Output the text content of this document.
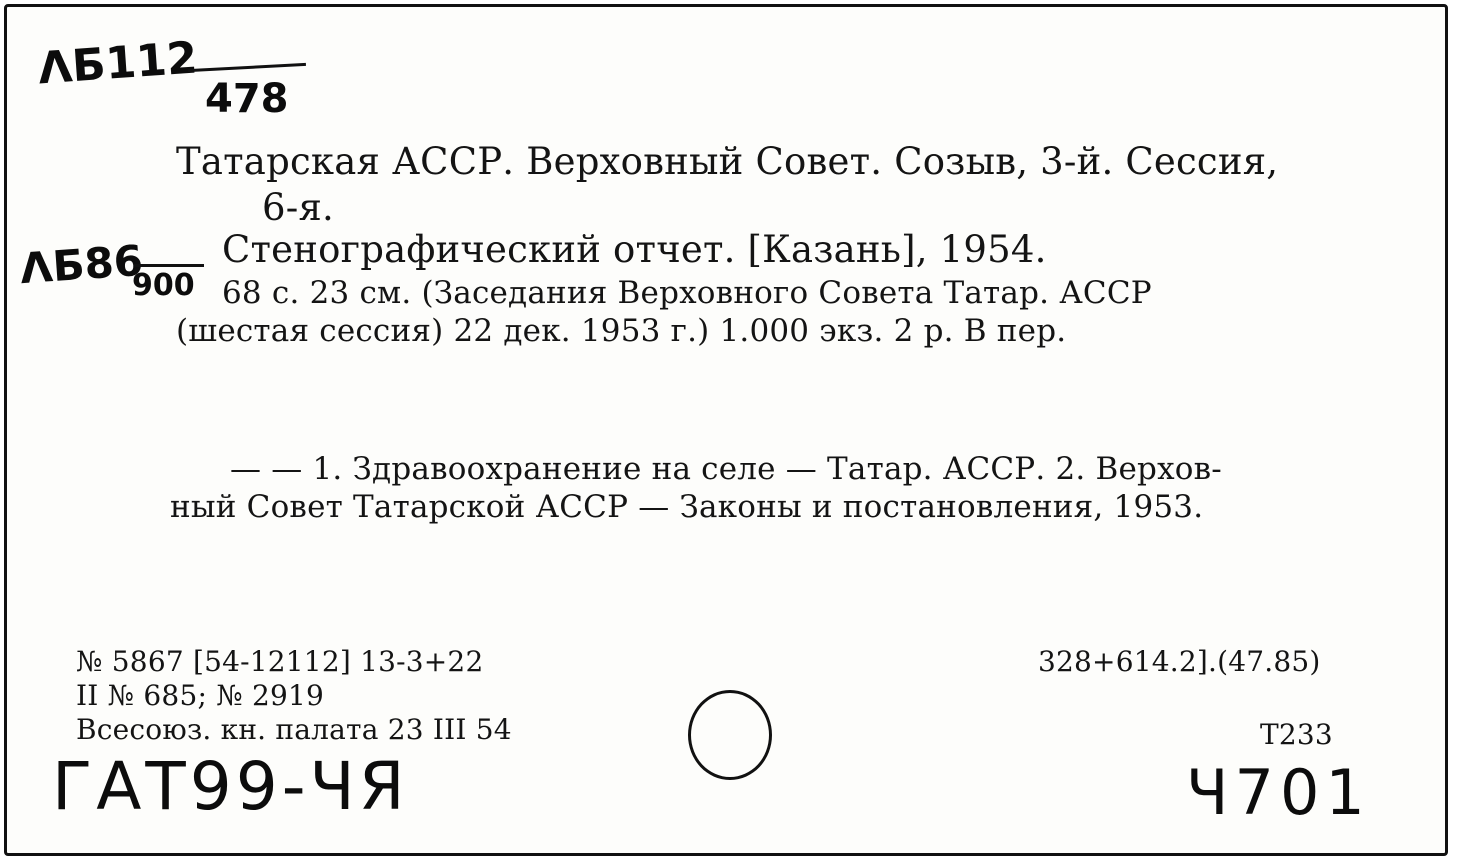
ΛБ112
478
Татарская АССР. Верховный Совет. Созыв, 3-й. Сессия,
6-я.
ΛБ86
900
Стенографический отчет. [Казань], 1954.
68 с. 23 см. (Заседания Верховного Совета Татар. АССР
(шестая сессия) 22 дек. 1953 г.) 1.000 экз. 2 р. В пер.
— — 1. Здравоохранение на селе — Татар. АССР. 2. Верхов-
ный Совет Татарской АССР — Законы и постановления, 1953.
№ 5867 [54-12112] 13-3+22
II № 685; № 2919
Всесоюз. кн. палата 23 III 54
328+614.2].(47.85)
Т233
ГАТ99-ЧЯ	Ч701
